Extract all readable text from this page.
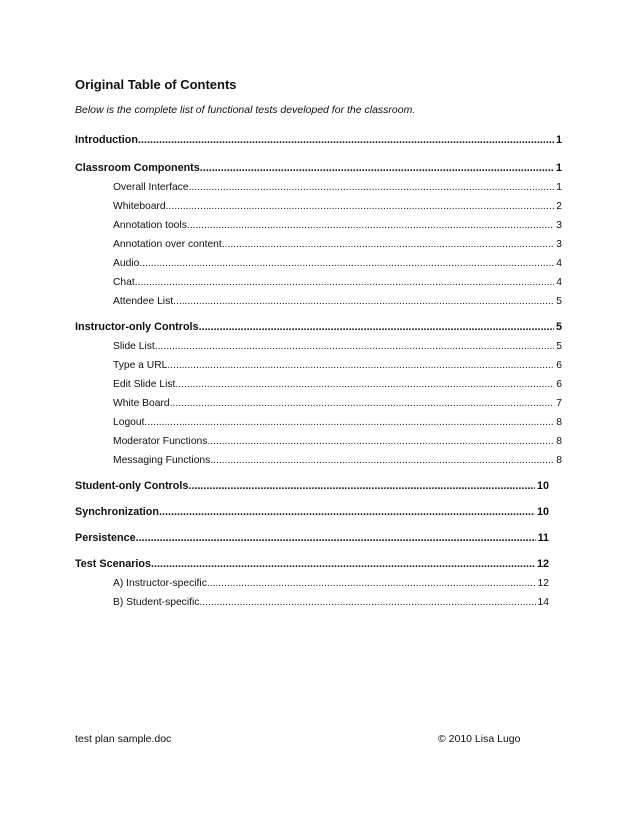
Original Table of Contents
Below is the complete list of functional tests developed for the classroom.
Introduction .....	1
Classroom Components .....	1
Overall Interface .....	1
Whiteboard .....	2
Annotation tools .....	3
Annotation over content .....	3
Audio .....	4
Chat .....	4
Attendee List .....	5
Instructor-only Controls .....	5
Slide List .....	5
Type a URL .....	6
Edit Slide List .....	6
White Board .....	7
Logout .....	8
Moderator Functions .....	8
Messaging Functions .....	8
Student-only Controls .....	10
Synchronization .....	10
Persistence .....	11
Test Scenarios .....	12
A) Instructor-specific .....	12
B) Student-specific .....	14
test plan sample.doc	© 2010 Lisa Lugo
